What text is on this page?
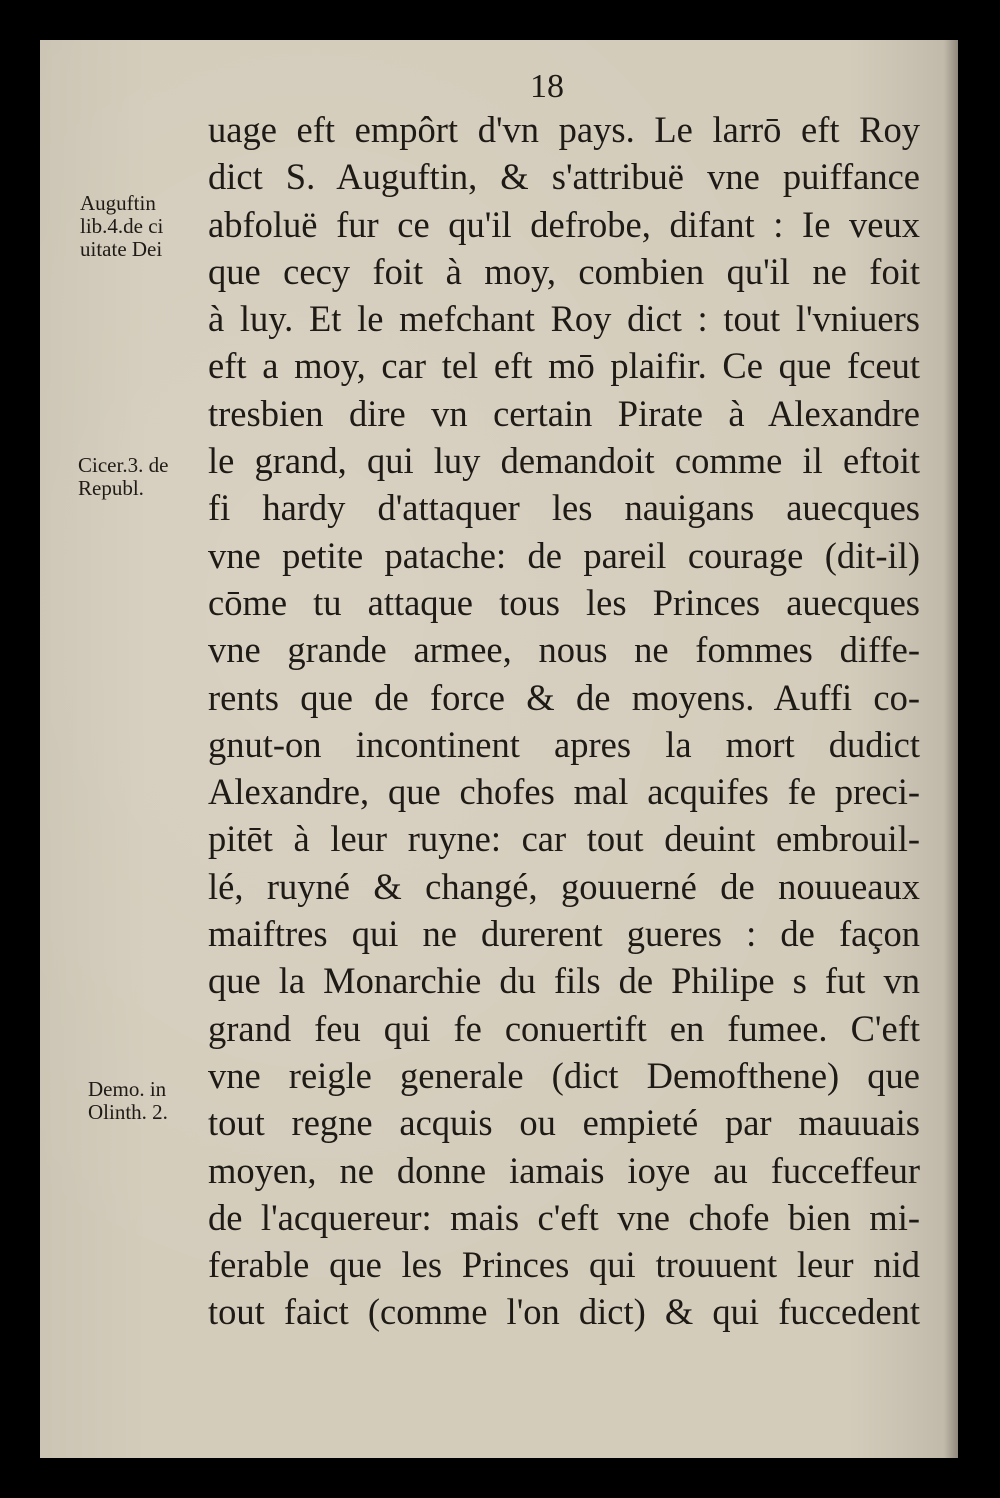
18
Auguftin
lib.4.de ci
uitate Dei
Cicer.3. de
Republ.
Demo. in
Olinth. 2.
uage eft empôrt d'vn pays. Le larrō eft Roy
dict S. Auguftin, & s'attribuë vne puiffance
abfoluë fur ce qu'il defrobe, difant : Ie veux
que cecy foit à moy, combien qu'il ne foit
à luy. Et le mefchant Roy dict : tout l'vniuers
eft a moy, car tel eft mō plaifir. Ce que fceut
tresbien dire vn certain Pirate à Alexandre
le grand, qui luy demandoit comme il eftoit
fi hardy d'attaquer les nauigans auecques
vne petite patache: de pareil courage (dit-il)
cōme tu attaque tous les Princes auecques
vne grande armee, nous ne fommes diffe-
rents que de force & de moyens. Auffi co-
gnut-on incontinent apres la mort dudict
Alexandre, que chofes mal acquifes fe preci-
pitēt à leur ruyne: car tout deuint embrouil-
lé, ruyné & changé, gouuerné de nouueaux
maiftres qui ne durerent gueres : de façon
que la Monarchie du fils de Philipe s fut vn
grand feu qui fe conuertift en fumee. C'eft
vne reigle generale (dict Demofthene) que
tout regne acquis ou empieté par mauuais
moyen, ne donne iamais ioye au fucceffeur
de l'acquereur: mais c'eft vne chofe bien mi-
ferable que les Princes qui trouuent leur nid
tout faict (comme l'on dict) & qui fuccedent
